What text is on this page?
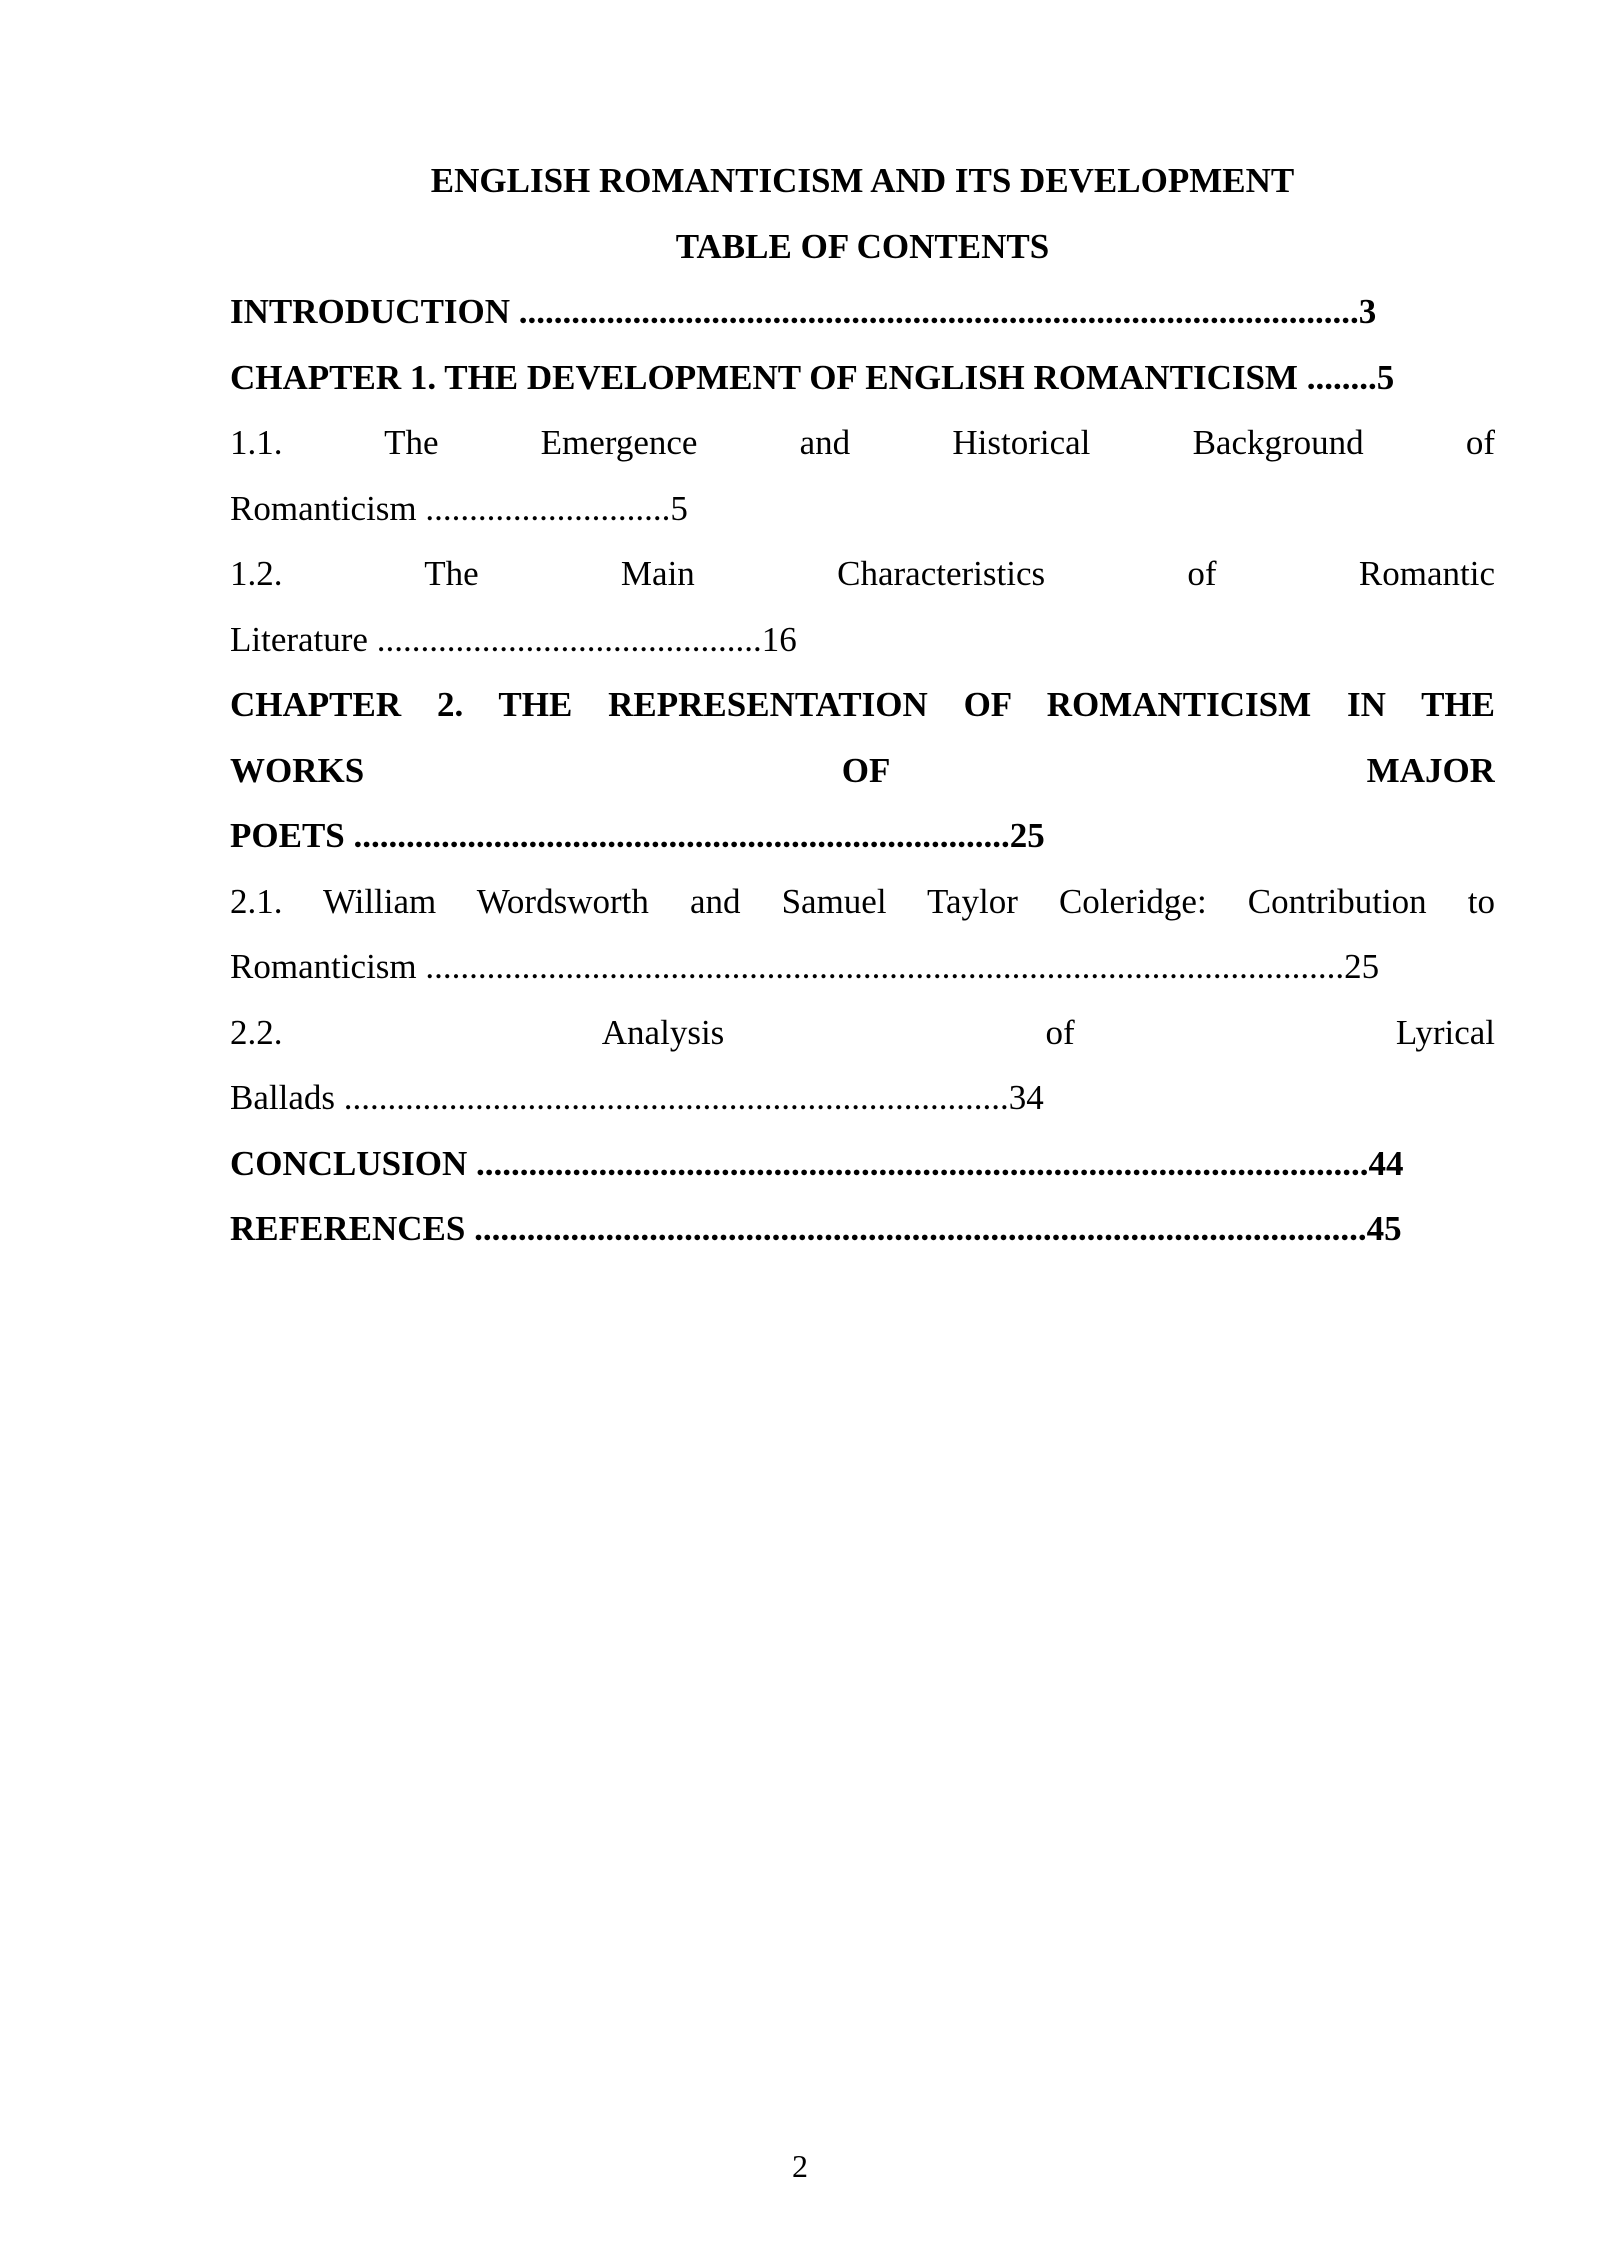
ENGLISH ROMANTICISM AND ITS DEVELOPMENT
TABLE OF CONTENTS
INTRODUCTION ................................................................................................3
CHAPTER 1. THE DEVELOPMENT OF ENGLISH ROMANTICISM ........5
1.1. The Emergence and Historical Background of
Romanticism ............................5
1.2. The Main Characteristics of Romantic
Literature ............................................16
CHAPTER 2. THE REPRESENTATION OF ROMANTICISM IN THE
WORKS OF MAJOR
POETS ...........................................................................25
2.1. William Wordsworth and Samuel Taylor Coleridge: Contribution to
Romanticism .........................................................................................................25
2.2. Analysis of Lyrical
Ballads ............................................................................34
CONCLUSION ......................................................................................................44
REFERENCES ......................................................................................................45
2
